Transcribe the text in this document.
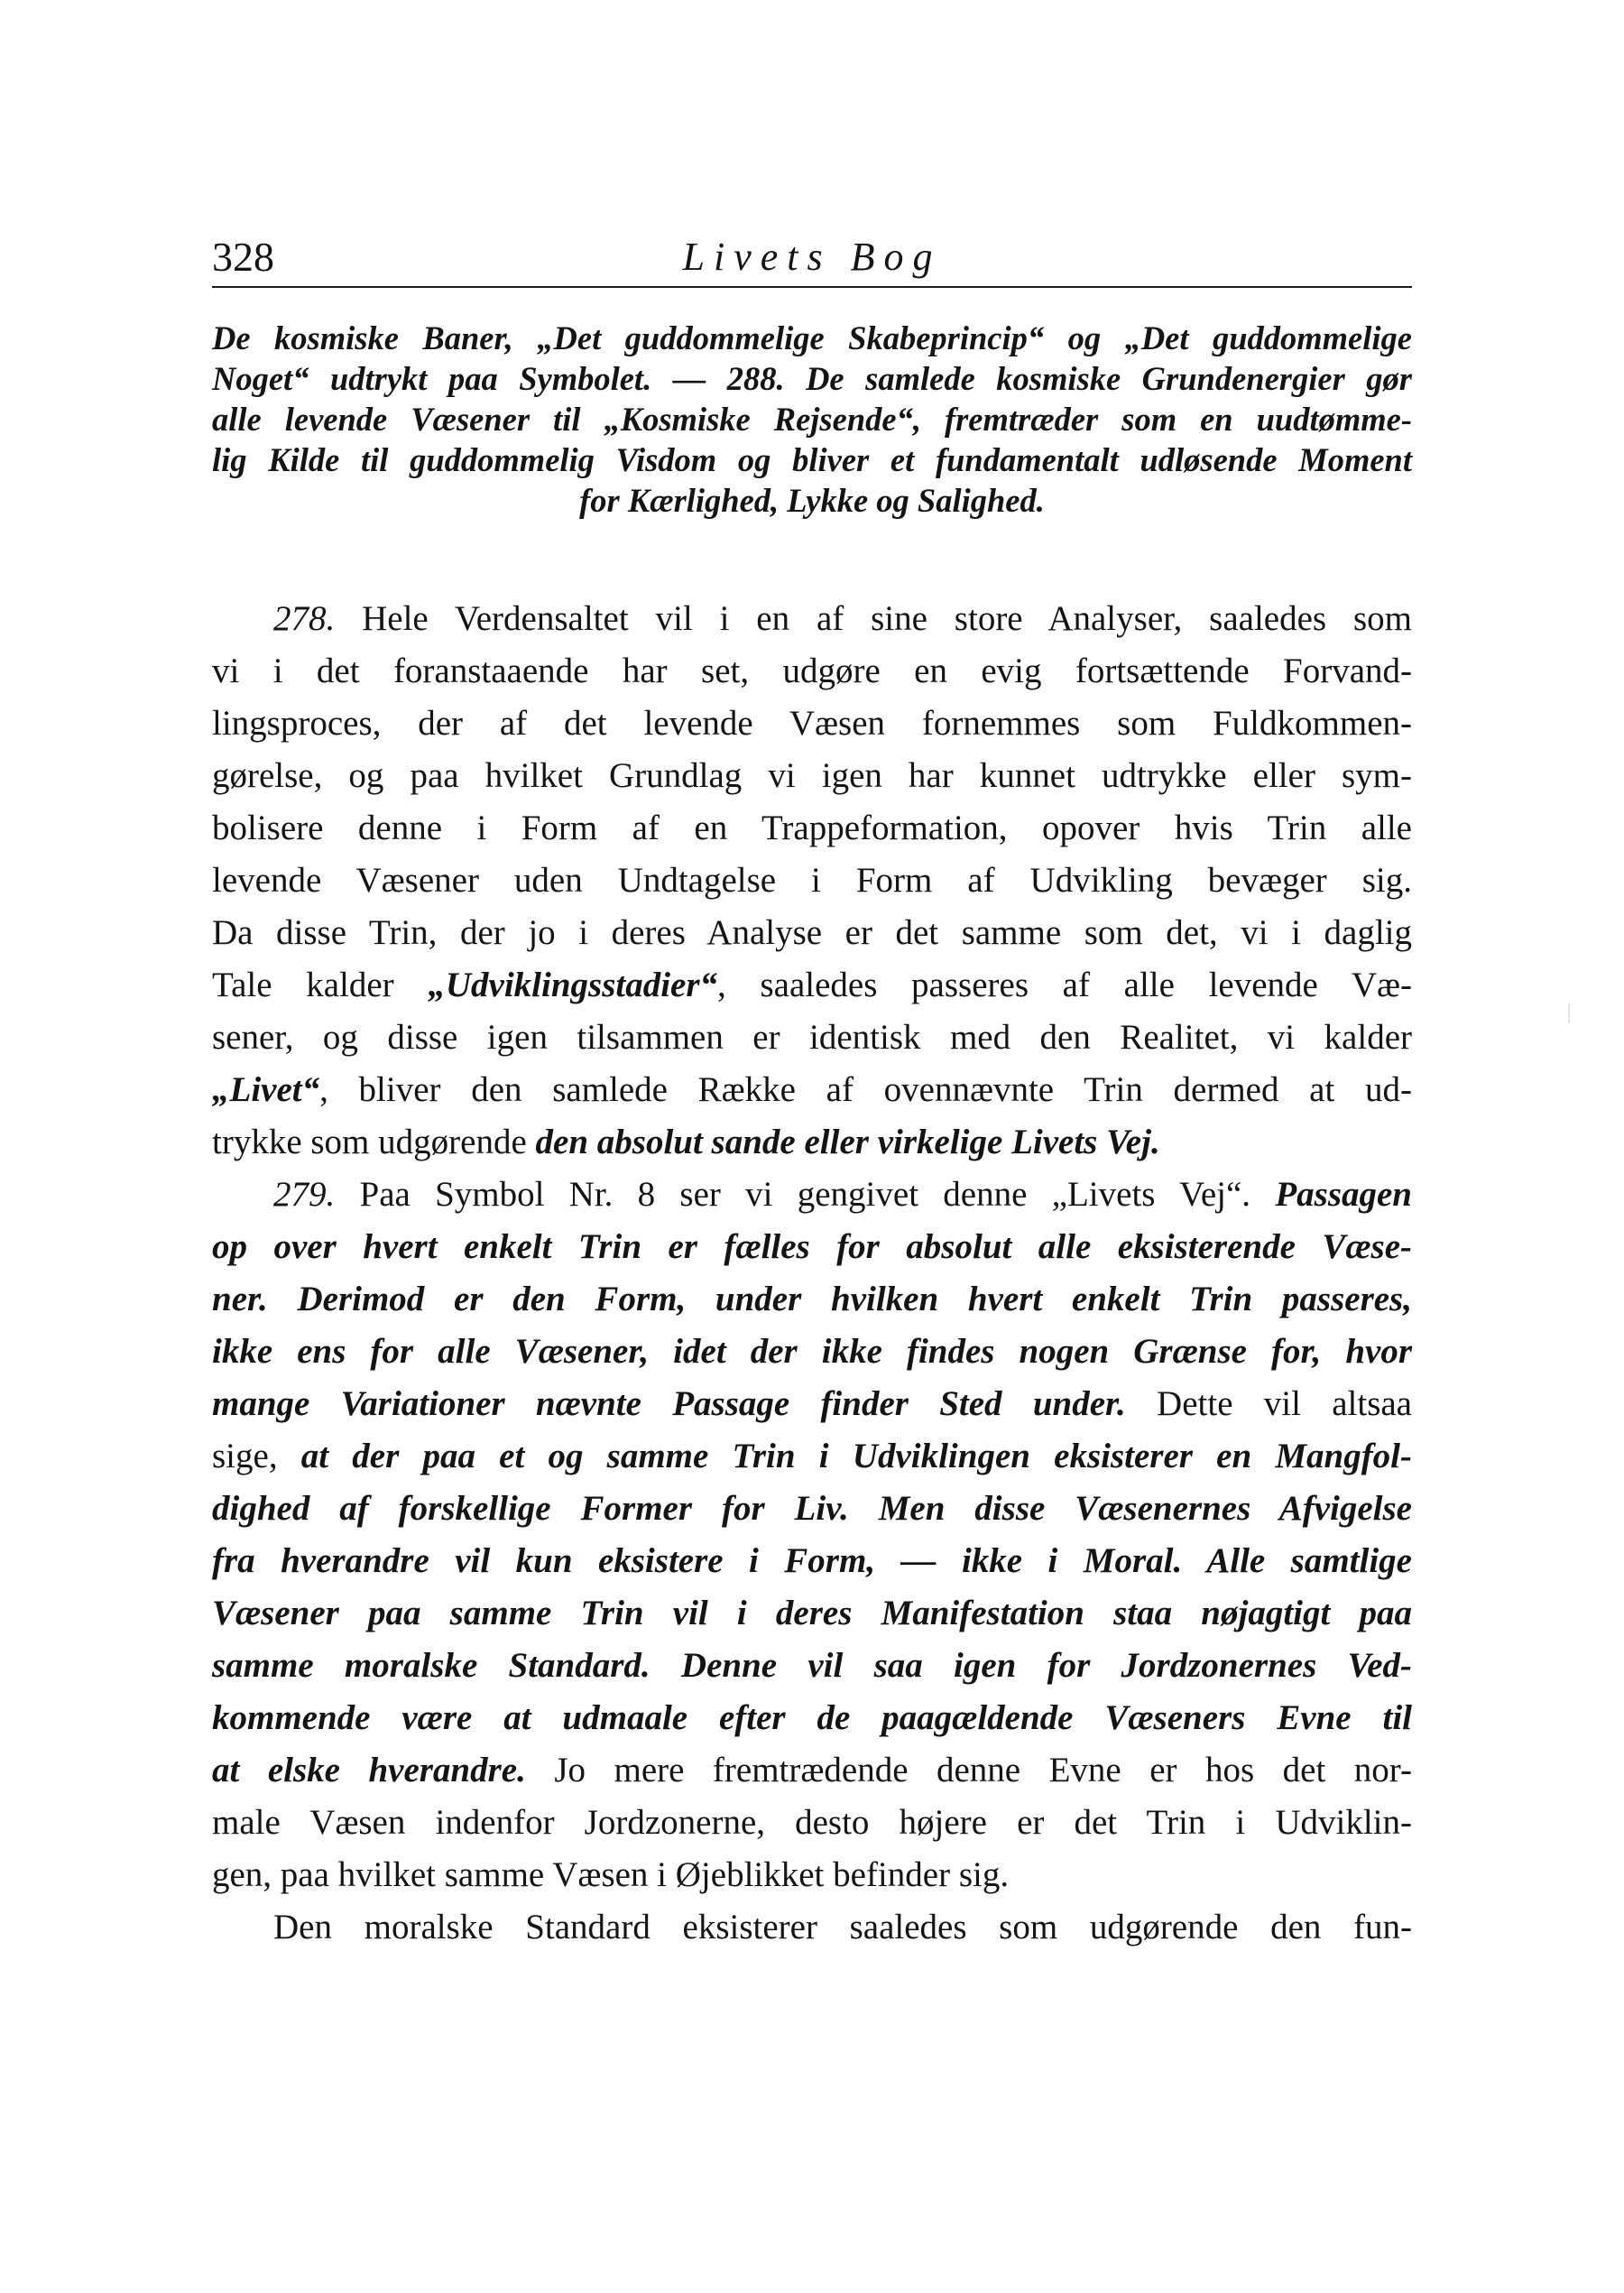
328	Livets Bog
De kosmiske Baner, „Det guddommelige Skabeprincip“ og „Det guddommelige
Noget“ udtrykt paa Symbolet. — 288. De samlede kosmiske Grundenergier gør
alle levende Væsener til „Kosmiske Rejsende“, fremtræder som en uudtømme-
lig Kilde til guddommelig Visdom og bliver et fundamentalt udløsende Moment
for Kærlighed, Lykke og Salighed.
278. Hele Verdensaltet vil i en af sine store Analyser, saaledes som
vi i det foranstaaende har set, udgøre en evig fortsættende Forvand-
lingsproces, der af det levende Væsen fornemmes som Fuldkommen-
gørelse, og paa hvilket Grundlag vi igen har kunnet udtrykke eller sym-
bolisere denne i Form af en Trappeformation, opover hvis Trin alle
levende Væsener uden Undtagelse i Form af Udvikling bevæger sig.
Da disse Trin, der jo i deres Analyse er det samme som det, vi i daglig
Tale kalder „Udviklingsstadier“, saaledes passeres af alle levende Væ-
sener, og disse igen tilsammen er identisk med den Realitet, vi kalder
„Livet“, bliver den samlede Række af ovennævnte Trin dermed at ud-
trykke som udgørende den absolut sande eller virkelige Livets Vej.
279. Paa Symbol Nr. 8 ser vi gengivet denne „Livets Vej“. Passagen
op over hvert enkelt Trin er fælles for absolut alle eksisterende Væse-
ner. Derimod er den Form, under hvilken hvert enkelt Trin passeres,
ikke ens for alle Væsener, idet der ikke findes nogen Grænse for, hvor
mange Variationer nævnte Passage finder Sted under. Dette vil altsaa
sige, at der paa et og samme Trin i Udviklingen eksisterer en Mangfol-
dighed af forskellige Former for Liv. Men disse Væsenernes Afvigelse
fra hverandre vil kun eksistere i Form, — ikke i Moral. Alle samtlige
Væsener paa samme Trin vil i deres Manifestation staa nøjagtigt paa
samme moralske Standard. Denne vil saa igen for Jordzonernes Ved-
kommende være at udmaale efter de paagældende Væseners Evne til
at elske hverandre. Jo mere fremtrædende denne Evne er hos det nor-
male Væsen indenfor Jordzonerne, desto højere er det Trin i Udviklin-
gen, paa hvilket samme Væsen i Øjeblikket befinder sig.
Den moralske Standard eksisterer saaledes som udgørende den fun-
